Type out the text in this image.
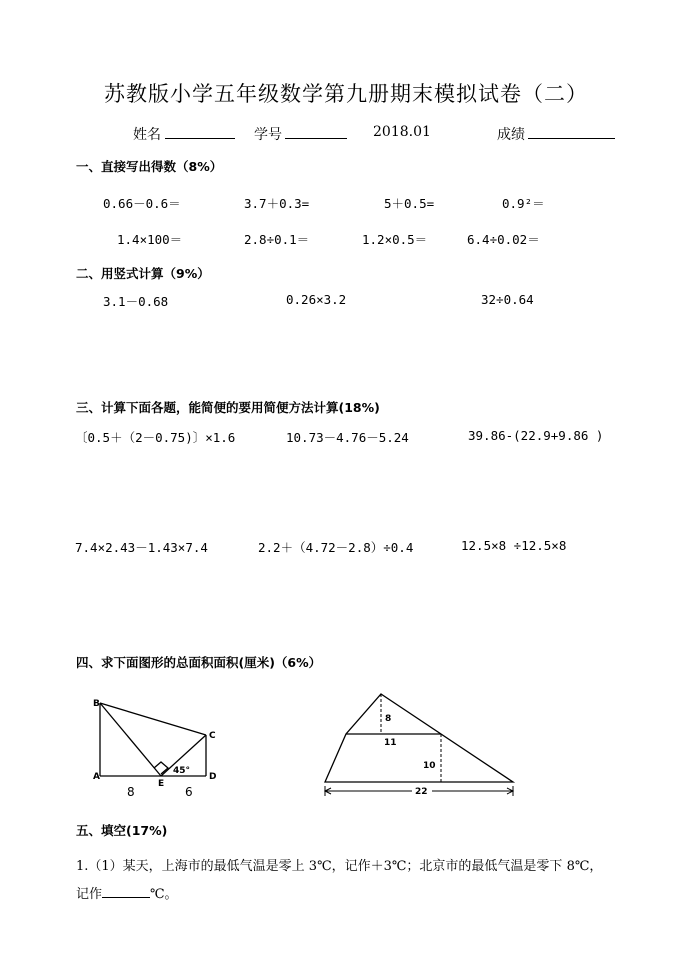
苏教版小学五年级数学第九册期末模拟试卷（二）
姓名	学号	2018.01	成绩
一、直接写出得数（8%）
0.66－0.6＝	3.7＋0.3=	5＋0.5=	0.9²＝
1.4×100＝	2.8÷0.1＝	1.2×0.5＝	6.4÷0.02＝
二、用竖式计算（9%）
3.1－0.68	0.26×3.2	32÷0.64
三、计算下面各题，能简便的要用简便方法计算(18%)
〔0.5＋（2－0.75)〕×1.6	10.73－4.76－5.24	39.86-(22.9+9.86 )
7.4×2.43－1.43×7.4	2.2＋（4.72－2.8）÷0.4	12.5×8 ÷12.5×8
四、求下面图形的总面积面积(厘米)（6%）
B
C
A
E
D
45°
8	6
8
11
10
22
五、填空(17%)
1.（1）某天，上海市的最低气温是零上 3℃，记作＋3℃；北京市的最低气温是零下 8℃，
记作	℃。
